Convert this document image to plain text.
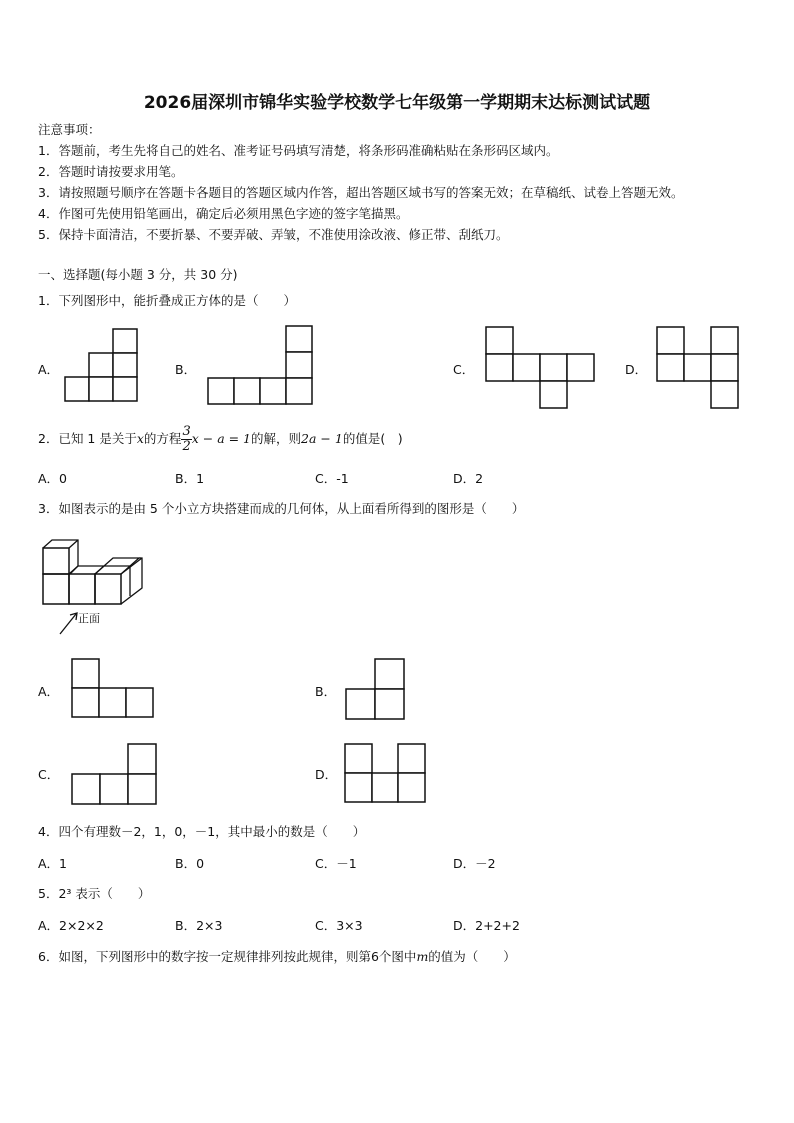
2026届深圳市锦华实验学校数学七年级第一学期期末达标测试试题
注意事项：
1．答题前，考生先将自己的姓名、准考证号码填写清楚，将条形码准确粘贴在条形码区域内。
2．答题时请按要求用笔。
3．请按照题号顺序在答题卡各题目的答题区域内作答，超出答题区域书写的答案无效；在草稿纸、试卷上答题无效。
4．作图可先使用铅笔画出，确定后必须用黑色字迹的签字笔描黑。
5．保持卡面清洁，不要折暴、不要弄破、弄皱，不准使用涂改液、修正带、刮纸刀。
一、选择题(每小题 3 分，共 30 分)
1．下列图形中，能折叠成正方体的是（　　）
A．	B．	C．	D．
2．已知 1 是关于x的方程 $\frac{3}{2}$ x − a = 1的解，则2a − 1的值是(　)
A．0	B．1	C．-1	D．2
3．如图表示的是由 5 个小立方块搭建而成的几何体，从上面看所得到的图形是（　　）
正面
A．	B．
C．	D．
4．四个有理数－2，1，0，－1，其中最小的数是（　　）
A．1	B．0	C．－1	D．－2
5．2³ 表示（　　）
A．2×2×2	B．2×3	C．3×3	D．2+2+2
6．如图，下列图形中的数字按一定规律排列按此规律，则第6个图中m的值为（　　）
